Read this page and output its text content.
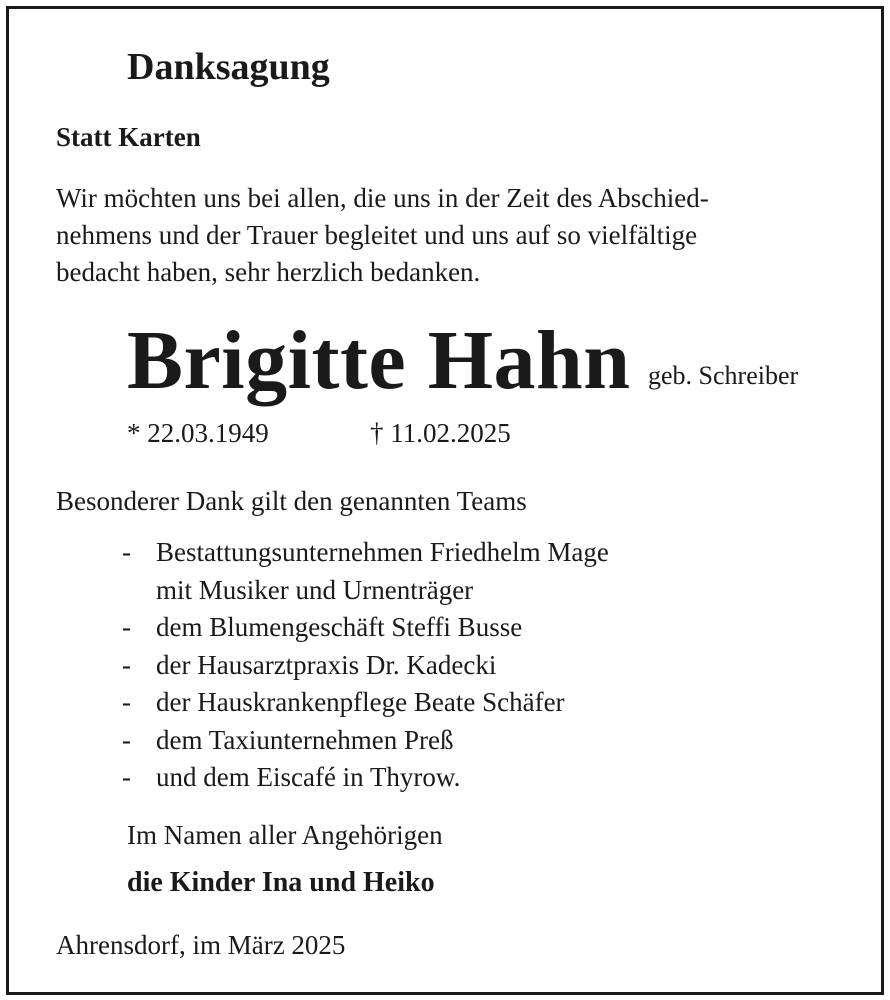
Danksagung
Statt Karten
Wir möchten uns bei allen, die uns in der Zeit des Abschied-
nehmens und der Trauer begleitet und uns auf so vielfältige
bedacht haben, sehr herzlich bedanken.
Brigitte Hahn geb. Schreiber
* 22.03.1949	† 11.02.2025
Besonderer Dank gilt den genannten Teams
- Bestattungsunternehmen Friedhelm Mage
mit Musiker und Urnenträger
- dem Blumengeschäft Steffi Busse
- der Hausarztpraxis Dr. Kadecki
- der Hauskrankenpflege Beate Schäfer
- dem Taxiunternehmen Preß
- und dem Eiscafé in Thyrow.
Im Namen aller Angehörigen
die Kinder Ina und Heiko
Ahrensdorf, im März 2025
